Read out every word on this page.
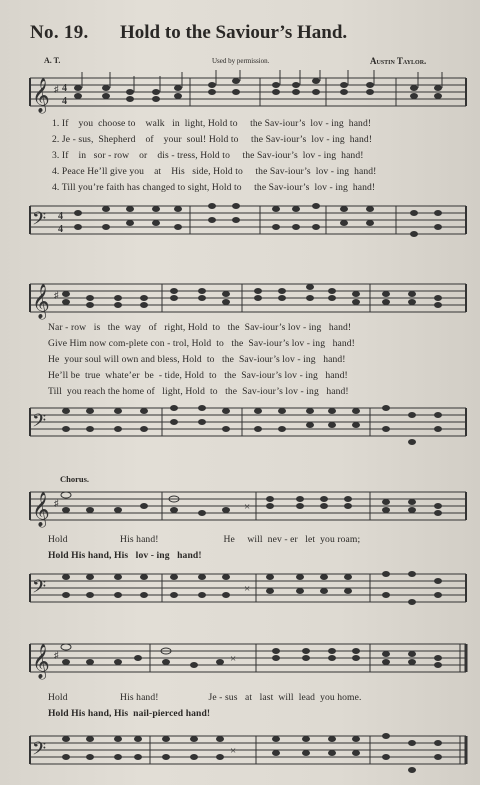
No. 19. Hold to the Saviour’s Hand.
A. T.	Used by permission.	Austin Taylor.
𝄞 ♯ 4
4
1. If    you  choose to    walk   in  light, Hold to     the Sav-iour’s  lov - ing  hand!
2. Je - sus,  Shepherd    of    your  soul! Hold to     the Sav-iour’s  lov - ing  hand!
3. If    in   sor - row    or    dis - tress, Hold to     the Sav-iour’s  lov - ing  hand!
4. Peace He’ll give you    at    His   side, Hold to     the Sav-iour’s  lov - ing  hand!
4. Till you’re faith has changed to sight, Hold to     the Sav-iour’s  lov - ing  hand!
𝄢 4
4
𝄞 ♯
Nar - row   is   the  way   of   right, Hold  to   the  Sav-iour’s lov - ing   hand!
Give Him now com-plete con - trol, Hold  to   the  Sav-iour’s lov - ing   hand!
He  your soul will own and bless, Hold  to   the  Sav-iour’s lov - ing   hand!
He’ll be  true  whate’er  be  - tide, Hold  to   the  Sav-iour’s lov - ing   hand!
Till  you reach the home of   light, Hold  to   the  Sav-iour’s lov - ing   hand!
𝄢
Chorus.
𝄞 ♯	×
Hold                     His hand!                          He     will  nev - er   let  you roam;
Hold His hand, His   lov - ing   hand!
𝄢	×
𝄞 ♯	×
Hold                     His hand!                    Je - sus   at   last  will  lead  you home.
Hold His hand, His  nail-pierced hand!
𝄢	×
